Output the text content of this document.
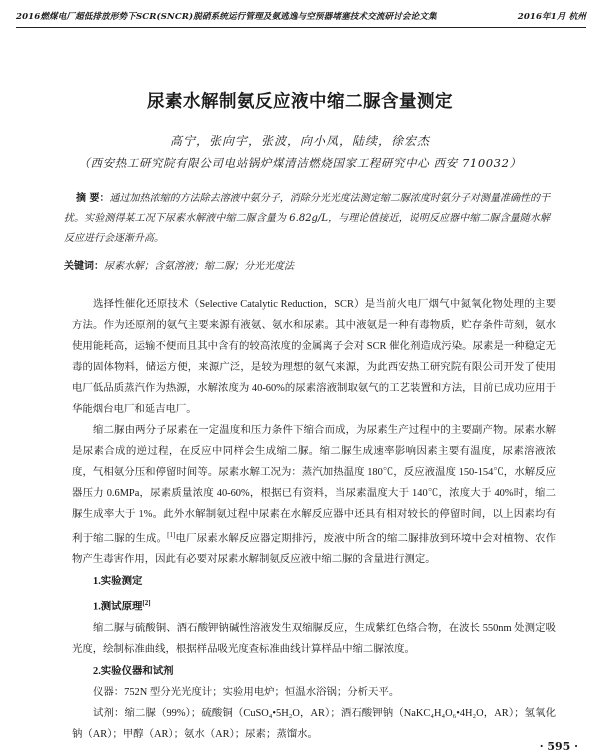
2016燃煤电厂超低排放形势下SCR(SNCR)脱硝系统运行管理及氨逃逸与空预器堵塞技术交流研讨会论文集	2016年1月 杭州
尿素水解制氨反应液中缩二脲含量测定
高宁，张向宇，张波，向小凤，陆续，徐宏杰
（西安热工研究院有限公司电站锅炉煤清洁燃烧国家工程研究中心 西安 710032）
摘 要：通过加热浓缩的方法除去溶液中氨分子，消除分光光度法测定缩二脲浓度时氨分子对测量准确性的干扰。实验测得某工况下尿素水解液中缩二脲含量为 6.82g/L，与理论值接近，说明反应器中缩二脲含量随水解反应进行会逐渐升高。
关键词：尿素水解；含氨溶液；缩二脲；分光光度法

选择性催化还原技术（Selective Catalytic Reduction，SCR）是当前火电厂烟气中氮氧化物处理的主要方法。作为还原剂的氨气主要来源有液氨、氨水和尿素。其中液氨是一种有毒物质，贮存条件苛刻，氨水使用能耗高，运输不便而且其中含有的较高浓度的金属离子会对 SCR 催化剂造成污染。尿素是一种稳定无毒的固体物料，储运方便，来源广泛，是较为理想的氨气来源，为此西安热工研究院有限公司开发了使用电厂低品质蒸汽作为热源，水解浓度为 40-60%的尿素溶液制取氨气的工艺装置和方法，目前已成功应用于华能烟台电厂和延吉电厂。

缩二脲由两分子尿素在一定温度和压力条件下缩合而成，为尿素生产过程中的主要副产物。尿素水解是尿素合成的逆过程，在反应中同样会生成缩二脲。缩二脲生成速率影响因素主要有温度，尿素溶液浓度，气相氨分压和停留时间等。尿素水解工况为：蒸汽加热温度 180℃，反应液温度 150-154℃，水解反应器压力 0.6MPa，尿素质量浓度 40-60%，根据已有资料，当尿素温度大于 140℃，浓度大于 40%时，缩二脲生成率大于 1%。此外水解制氨过程中尿素在水解反应器中还具有相对较长的停留时间，以上因素均有利于缩二脲的生成。[1]电厂尿素水解反应器定期排污，废液中所含的缩二脲排放到环境中会对植物、农作物产生毒害作用，因此有必要对尿素水解制氨反应液中缩二脲的含量进行测定。

1.实验测定

1.测试原理[2]

缩二脲与硫酸铜、酒石酸钾钠碱性溶液发生双缩脲反应，生成紫红色络合物，在波长 550nm 处测定吸光度，绘制标准曲线，根据样品吸光度查标准曲线计算样品中缩二脲浓度。

2.实验仪器和试剂

仪器：752N 型分光光度计；实验用电炉；恒温水浴锅；分析天平。

试剂：缩二脲（99%）；硫酸铜（CuSO₄•5H₂O，AR）；酒石酸钾钠（NaKC₄H₄O₆•4H₂O，AR）；氢氧化钠（AR）；甲醇（AR）；氨水（AR）；尿素；蒸馏水。

· 595 ·
